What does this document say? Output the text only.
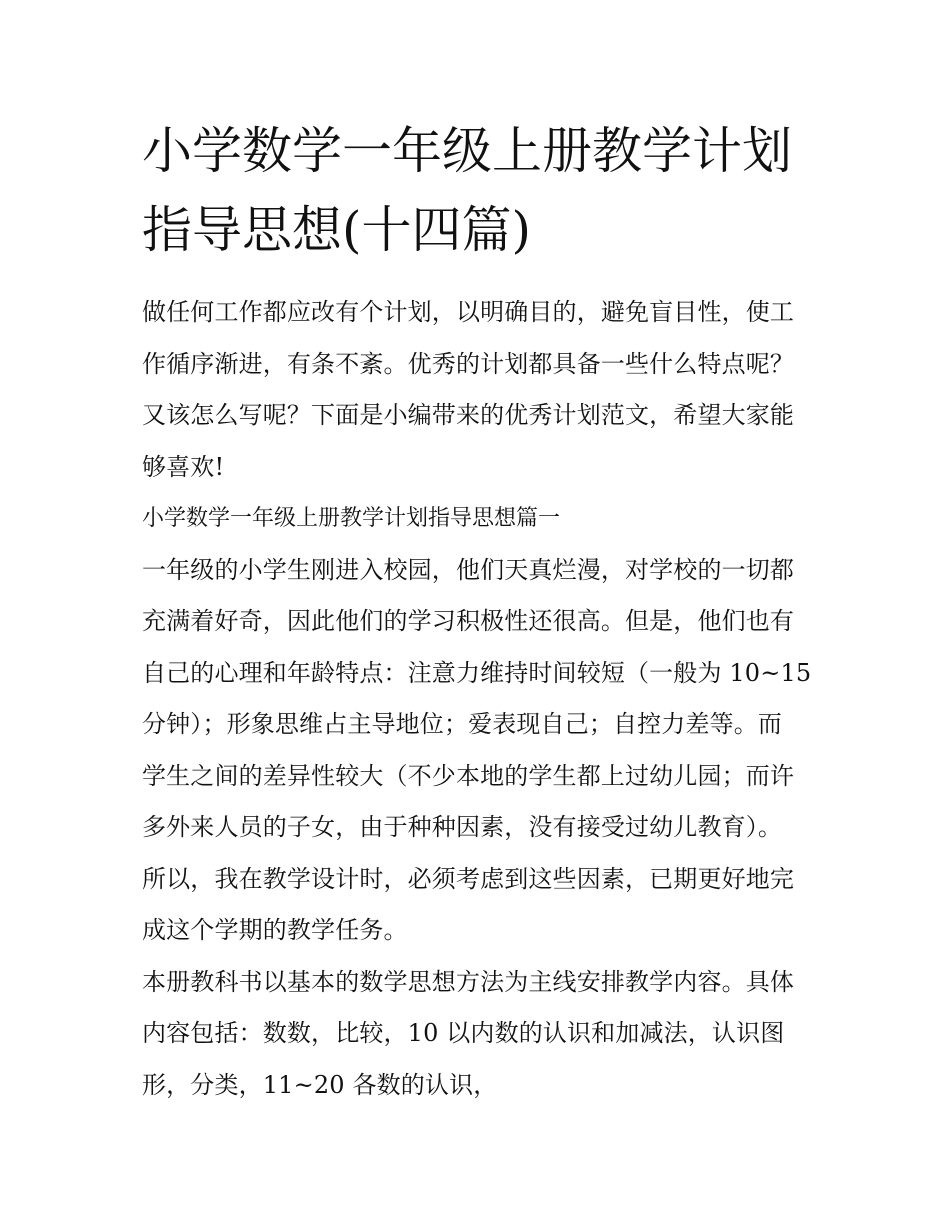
小学数学一年级上册教学计划
指导思想(十四篇)
做任何工作都应改有个计划，以明确目的，避免盲目性，使工
作循序渐进，有条不紊。优秀的计划都具备一些什么特点呢？
又该怎么写呢？下面是小编带来的优秀计划范文，希望大家能
够喜欢!
小学数学一年级上册教学计划指导思想篇一
一年级的小学生刚进入校园，他们天真烂漫，对学校的一切都
充满着好奇，因此他们的学习积极性还很高。但是，他们也有
自己的心理和年龄特点：注意力维持时间较短（一般为 10~15
分钟）；形象思维占主导地位；爱表现自己；自控力差等。而
学生之间的差异性较大（不少本地的学生都上过幼儿园；而许
多外来人员的子女，由于种种因素，没有接受过幼儿教育）。
所以，我在教学设计时，必须考虑到这些因素，已期更好地完
成这个学期的教学任务。
本册教科书以基本的数学思想方法为主线安排教学内容。具体
内容包括：数数，比较，10 以内数的认识和加减法，认识图
形，分类，11~20 各数的认识，
